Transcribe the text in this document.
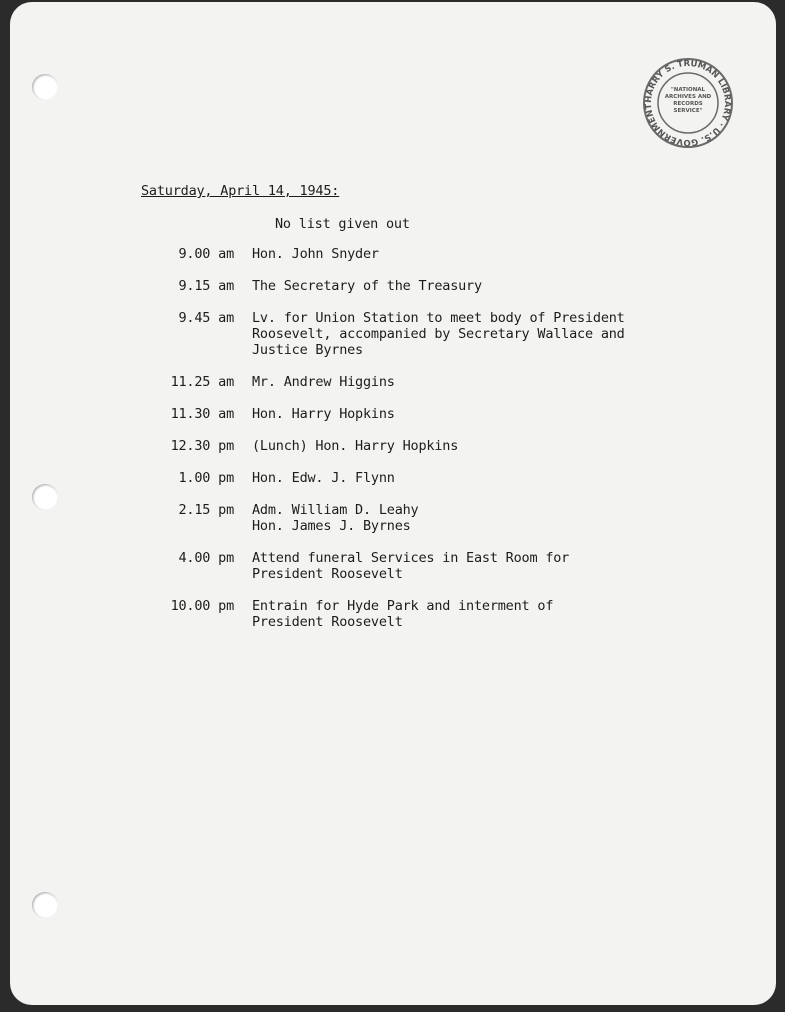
HARRY S. TRUMAN LIBRARY · U.S. GOVERNMENT
"NATIONAL ARCHIVES AND RECORDS SERVICE"
Saturday, April 14, 1945:
No list given out
9.00 am Hon. John Snyder
9.15 am The Secretary of the Treasury
9.45 am Lv. for Union Station to meet body of President
Roosevelt, accompanied by Secretary Wallace and
Justice Byrnes
11.25 am Mr. Andrew Higgins
11.30 am Hon. Harry Hopkins
12.30 pm (Lunch) Hon. Harry Hopkins
1.00 pm Hon. Edw. J. Flynn
2.15 pm Adm. William D. Leahy
Hon. James J. Byrnes
4.00 pm Attend funeral Services in East Room for
President Roosevelt
10.00 pm Entrain for Hyde Park and interment of
President Roosevelt
